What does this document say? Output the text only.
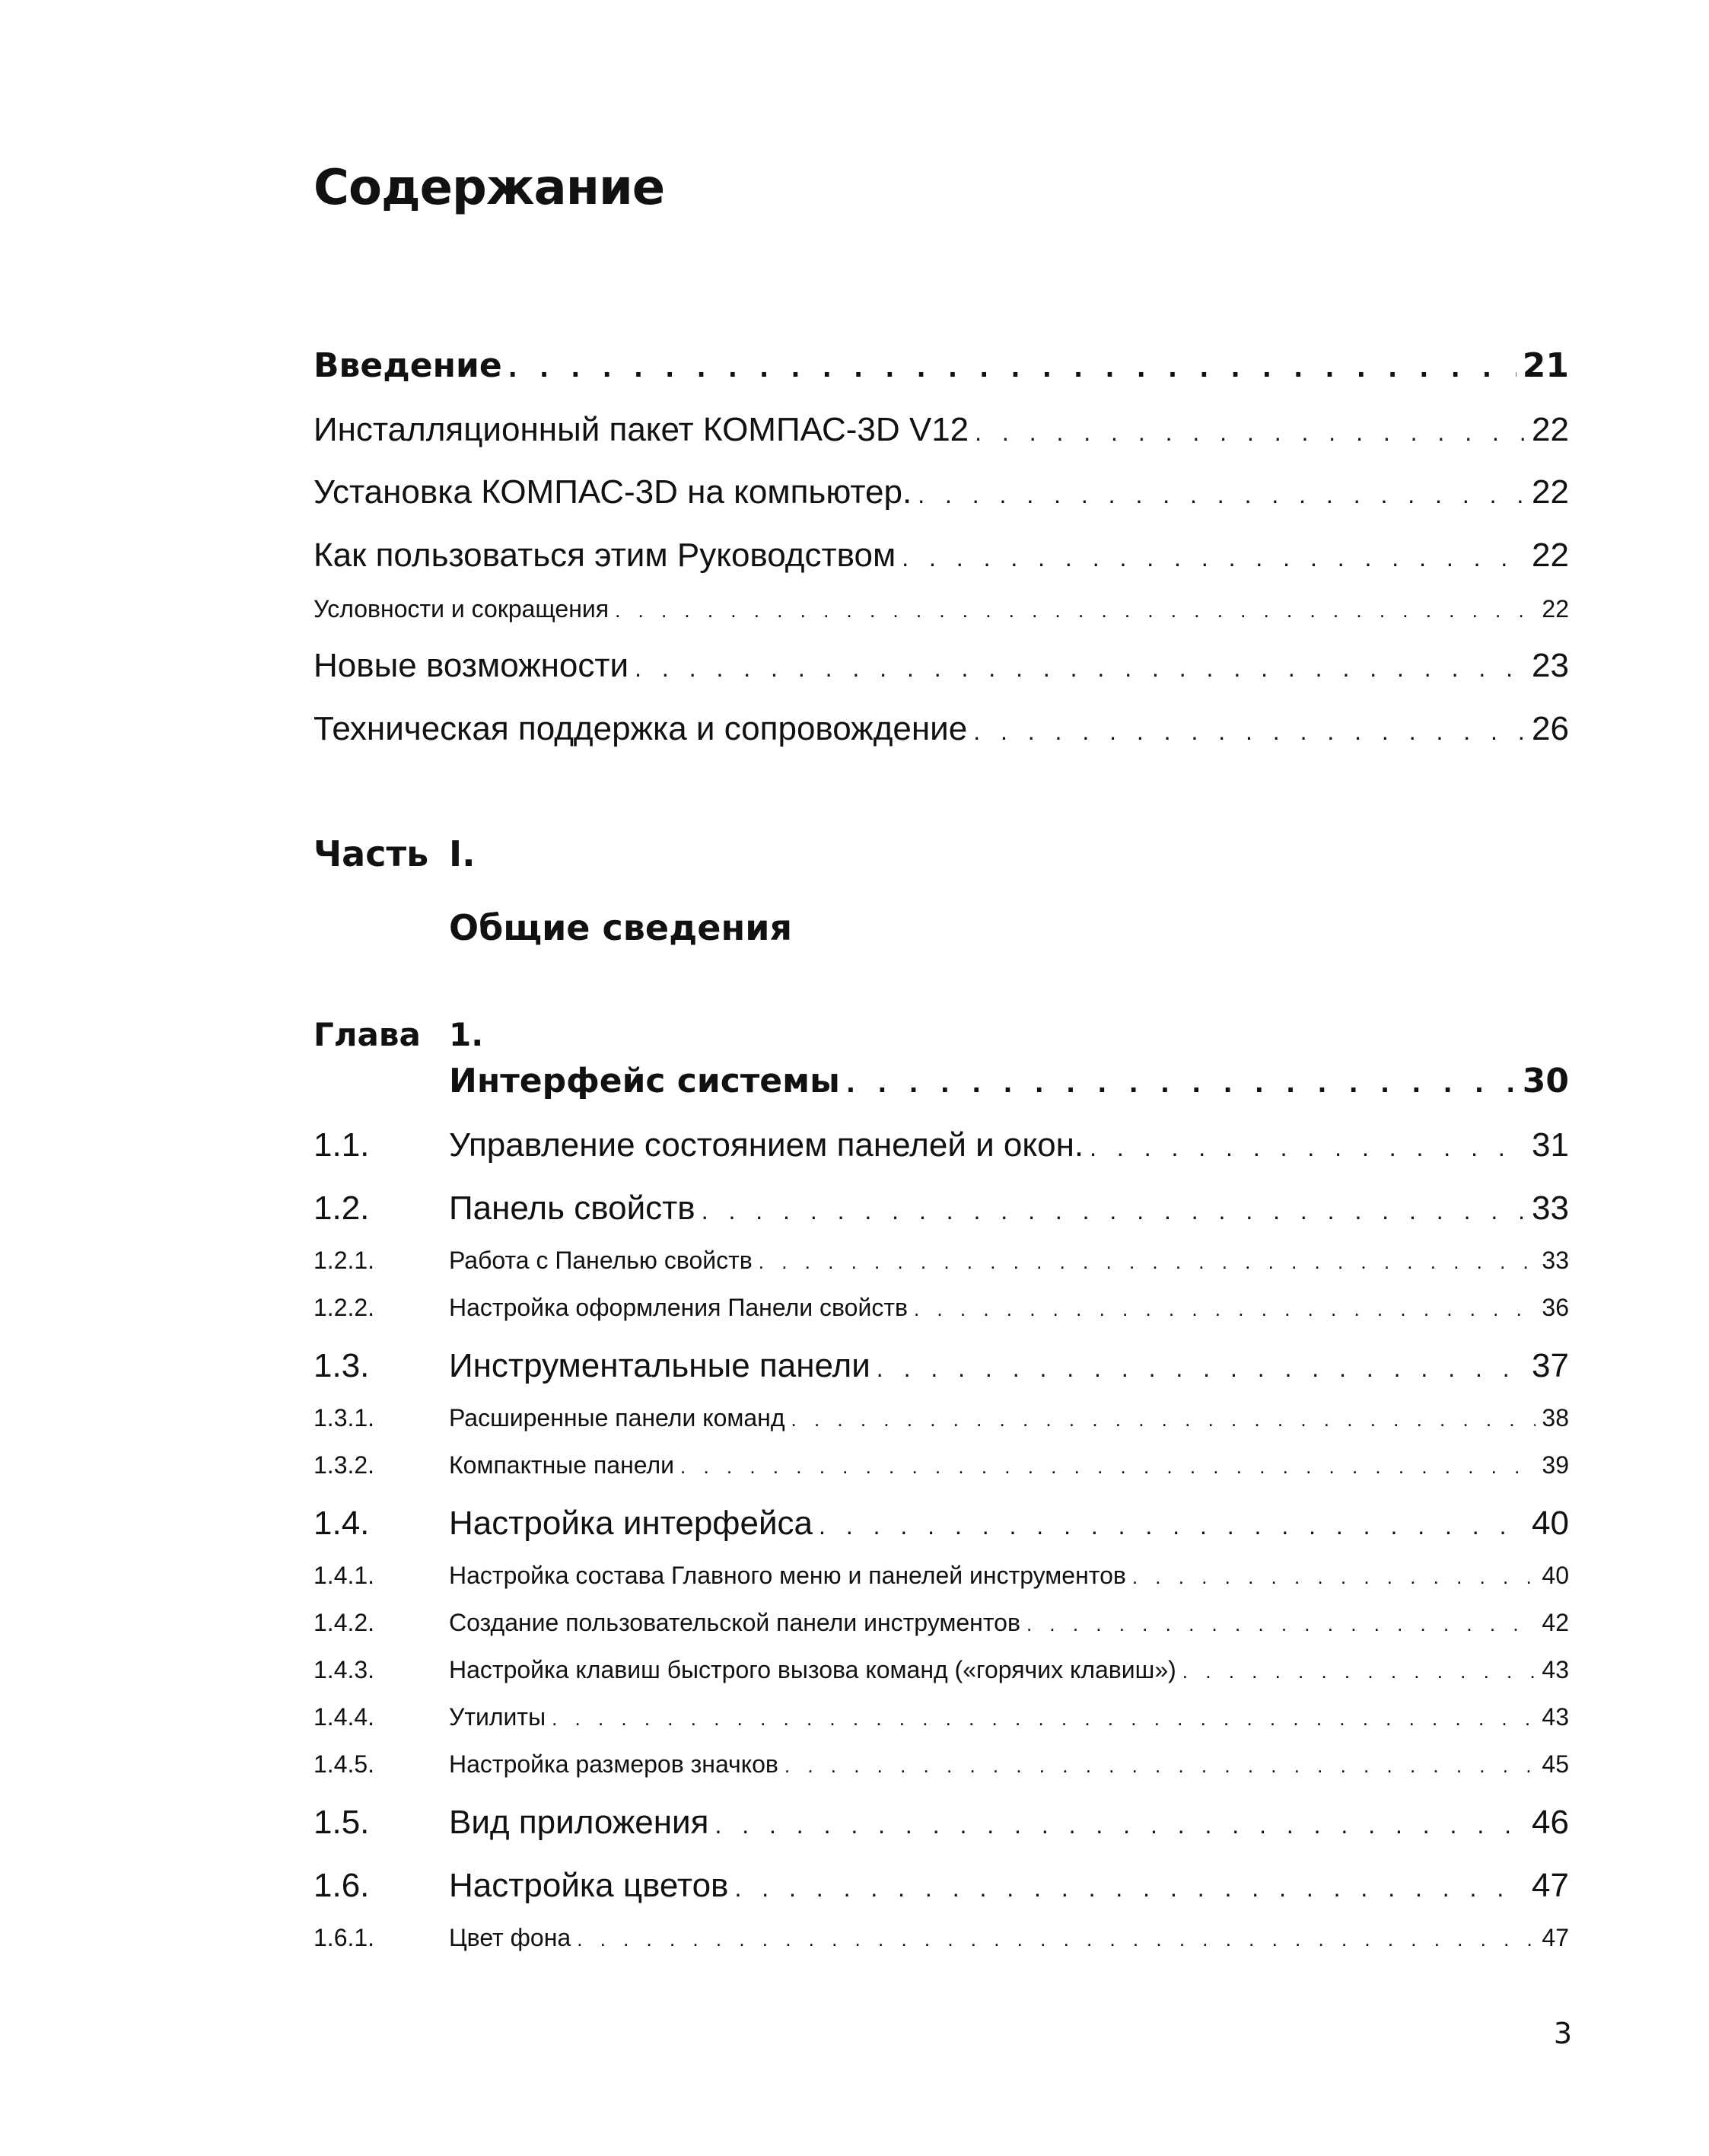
Содержание
Введение . . .	21
Инсталляционный пакет КОМПАС-3D V12 . . .	22
Установка КОМПАС-3D на компьютер. . . .	22
Как пользоваться этим Руководством . . .	22
Условности и сокращения . . .	22
Новые возможности . . .	23
Техническая поддержка и сопровождение . . .	26
Часть I.
Общие сведения
Глава 1.
Интерфейс системы . . .	30
1.1.	Управление состоянием панелей и окон. . . .	31
1.2.	Панель свойств . . .	33
1.2.1.	Работа с Панелью свойств . . .	33
1.2.2.	Настройка оформления Панели свойств . . .	36
1.3.	Инструментальные панели . . .	37
1.3.1.	Расширенные панели команд . . .	38
1.3.2.	Компактные панели . . .	39
1.4.	Настройка интерфейса . . .	40
1.4.1.	Настройка состава Главного меню и панелей инструментов . . .	40
1.4.2.	Создание пользовательской панели инструментов . . .	42
1.4.3.	Настройка клавиш быстрого вызова команд («горячих клавиш») . . .	43
1.4.4.	Утилиты . . .	43
1.4.5.	Настройка размеров значков . . .	45
1.5.	Вид приложения . . .	46
1.6.	Настройка цветов . . .	47
1.6.1.	Цвет фона . . .	47
3
